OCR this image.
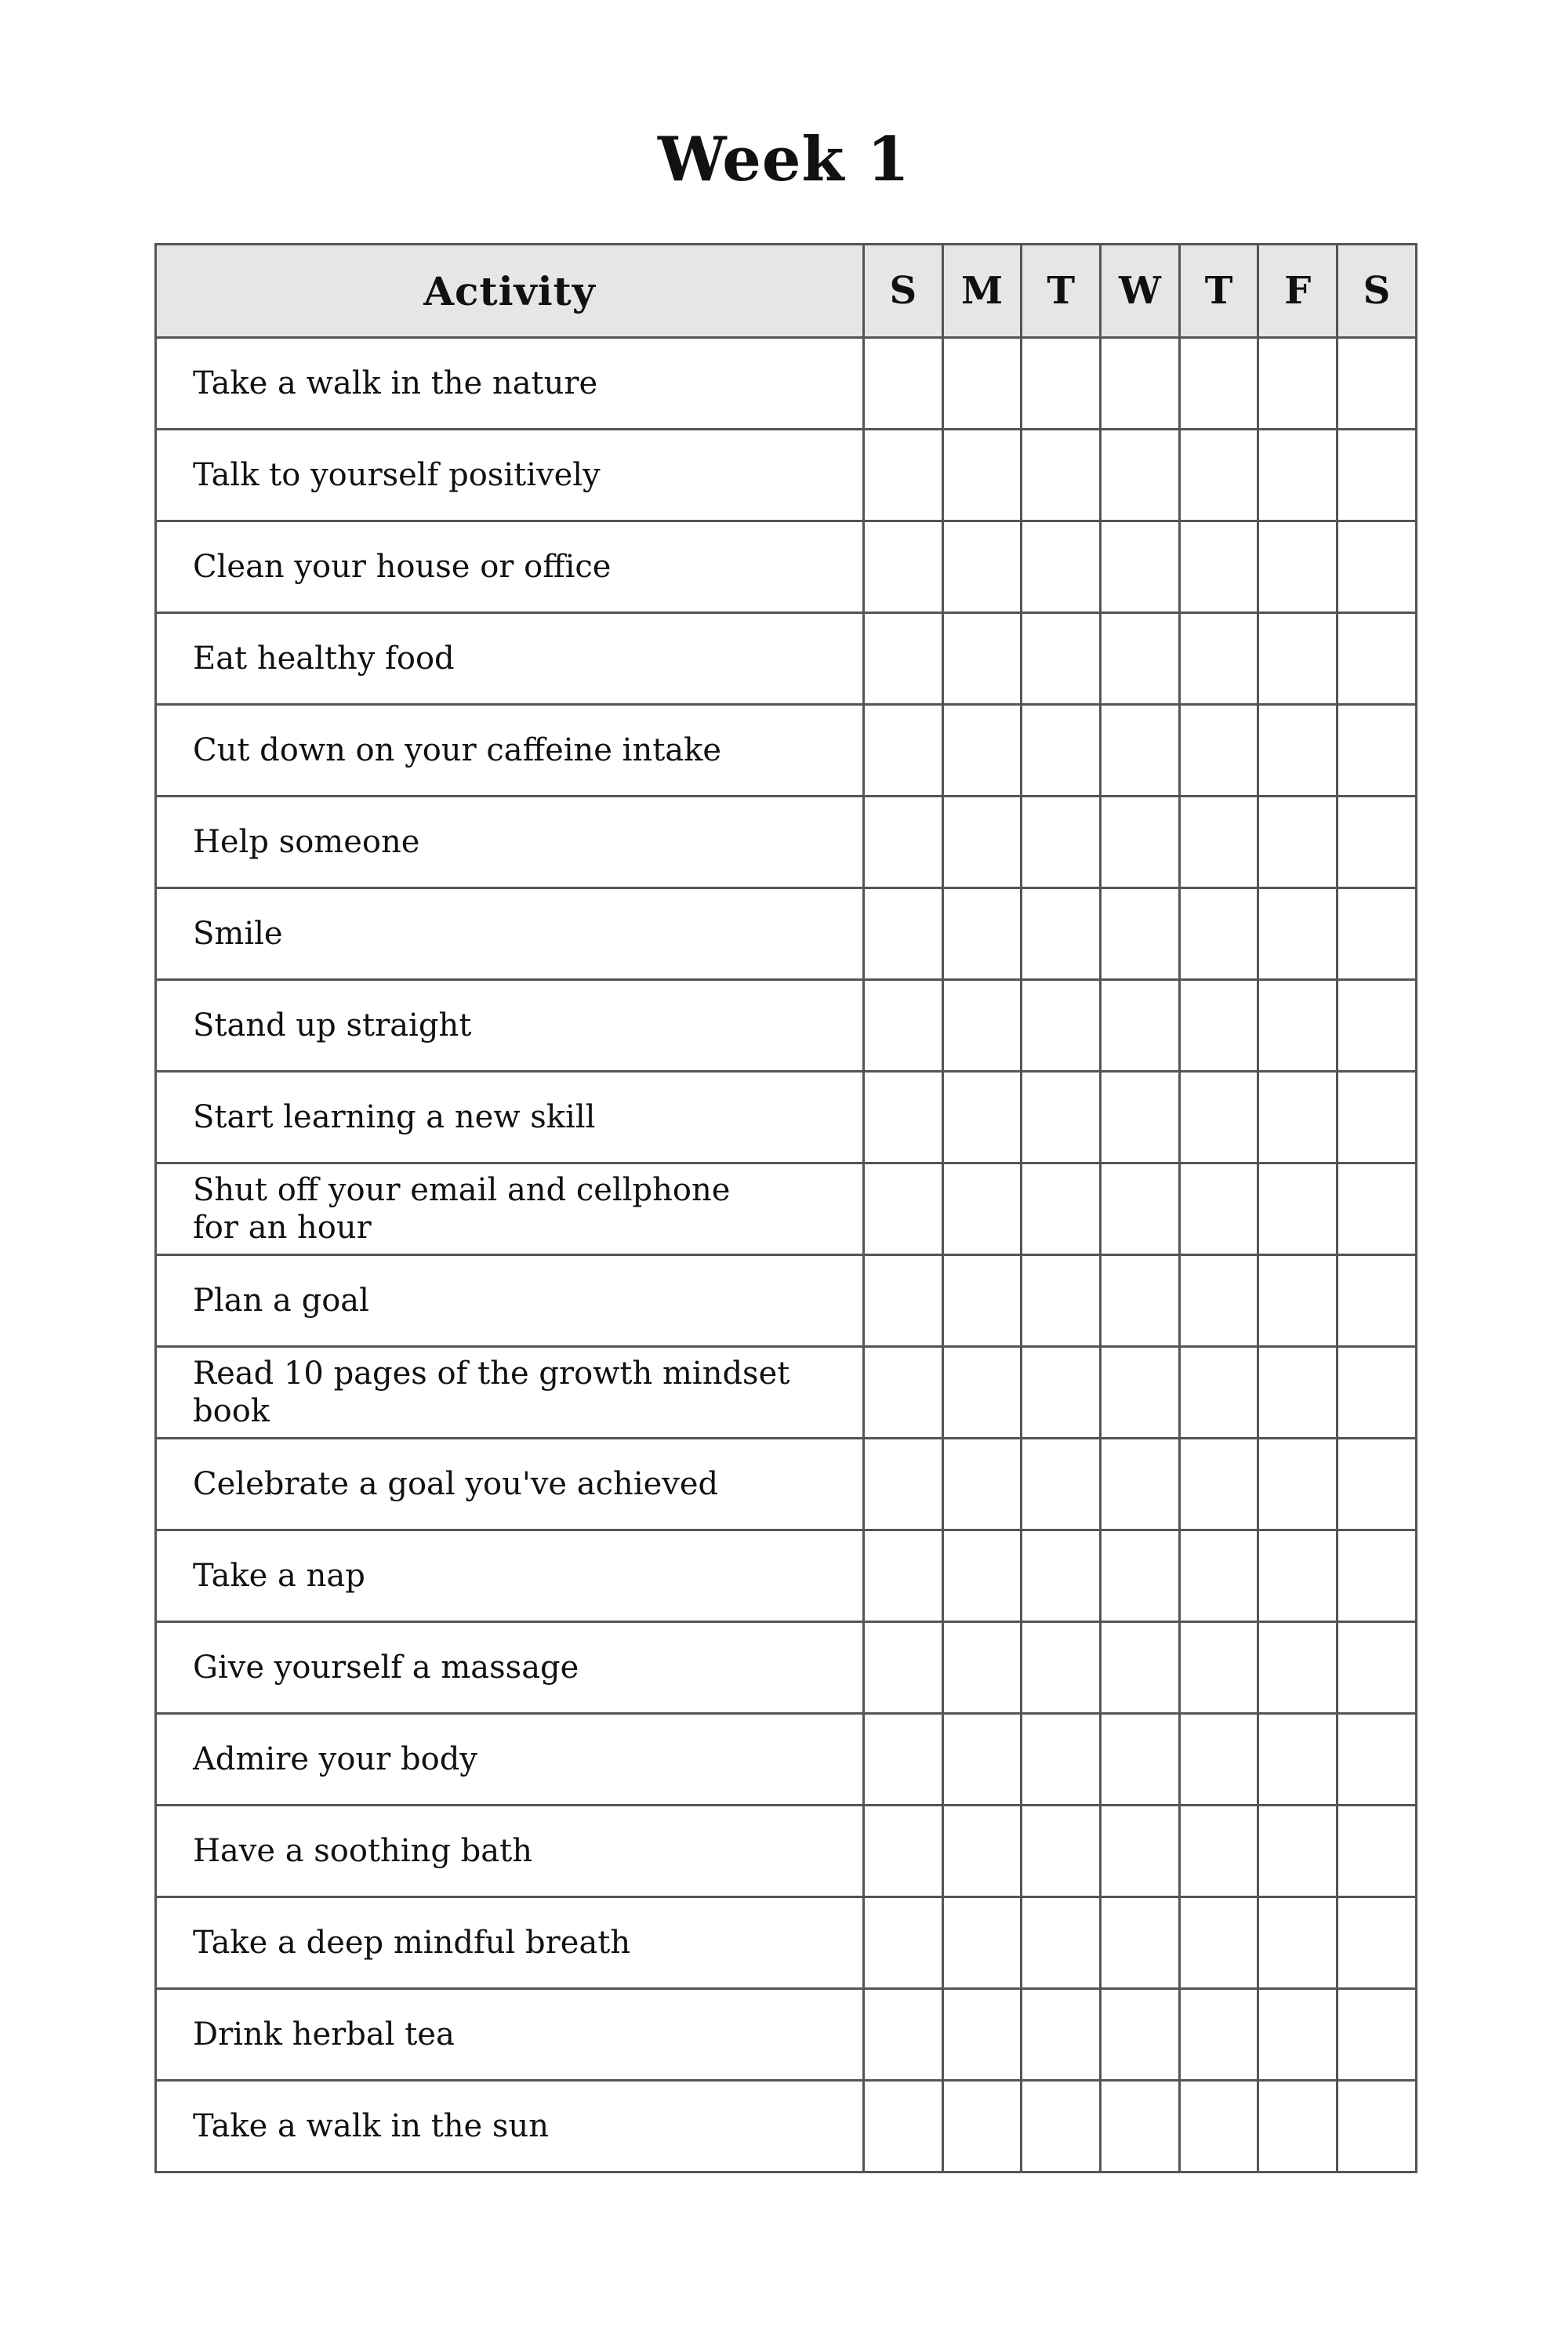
Week 1
Activity	S	M	T	W	T	F	S
Take a walk in the nature							
Talk to yourself positively							
Clean your house or office							
Eat healthy food							
Cut down on your caffeine intake							
Help someone							
Smile							
Stand up straight							
Start learning a new skill							
Shut off your email and cellphone
for an hour							
Plan a goal							
Read 10 pages of the growth mindset book							
Celebrate a goal you've achieved							
Take a nap							
Give yourself a massage							
Admire your body							
Have a soothing bath							
Take a deep mindful breath							
Drink herbal tea							
Take a walk in the sun							
